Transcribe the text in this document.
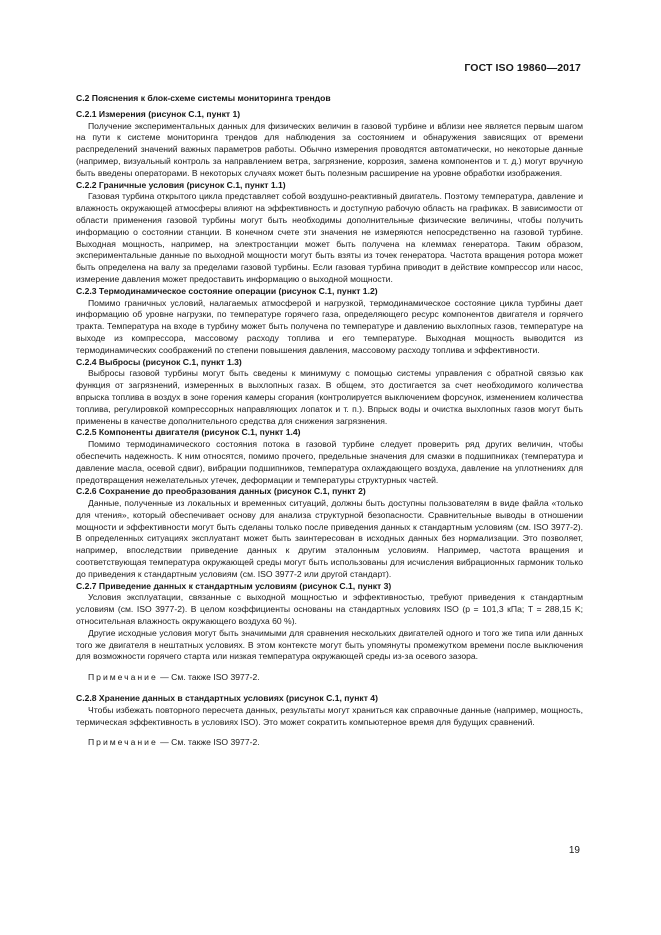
ГОСТ ISO 19860—2017
С.2 Пояснения к блок-схеме системы мониторинга трендов
С.2.1 Измерения (рисунок С.1, пункт 1)

Получение экспериментальных данных для физических величин в газовой турбине и вблизи нее является первым шагом на пути к системе мониторинга трендов для наблюдения за состоянием и обнаружения зависящих от времени распределений значений важных параметров работы. Обычно измерения проводятся автоматически, но некоторые данные (например, визуальный контроль за направлением ветра, загрязнение, коррозия, замена компонентов и т. д.) могут вручную быть введены операторами. В некоторых случаях может быть полезным расширение на уровне обработки изображения.

С.2.2 Граничные условия (рисунок С.1, пункт 1.1)

Газовая турбина открытого цикла представляет собой воздушно-реактивный двигатель. Поэтому температура, давление и влажность окружающей атмосферы влияют на эффективность и доступную рабочую область на графиках. В зависимости от области применения газовой турбины могут быть необходимы дополнительные физические величины, чтобы получить информацию о состоянии станции. В конечном счете эти значения не измеряются непосредственно на газовой турбине. Выходная мощность, например, на электростанции может быть получена на клеммах генератора. Таким образом, экспериментальные данные по выходной мощности могут быть взяты из точек генератора. Частота вращения ротора может быть определена на валу за пределами газовой турбины. Если газовая турбина приводит в действие компрессор или насос, измерение давления может предоставить информацию о выходной мощности.

С.2.3 Термодинамическое состояние операции (рисунок С.1, пункт 1.2)

Помимо граничных условий, налагаемых атмосферой и нагрузкой, термодинамическое состояние цикла турбины дает информацию об уровне нагрузки, по температуре горячего газа, определяющего ресурс компонентов двигателя и горячего тракта. Температура на входе в турбину может быть получена по температуре и давлению выхлопных газов, температуре на выходе из компрессора, массовому расходу топлива и его температуре. Выходная мощность выводится из термодинамических соображений по степени повышения давления, массовому расходу топлива и эффективности.

С.2.4 Выбросы (рисунок С.1, пункт 1.3)

Выбросы газовой турбины могут быть сведены к минимуму с помощью системы управления с обратной связью как функция от загрязнений, измеренных в выхлопных газах. В общем, это достигается за счет необходимого количества впрыска топлива в воздух в зоне горения камеры сгорания (контролируется выключением форсунок, изменением количества топлива, регулировкой компрессорных направляющих лопаток и т. п.). Впрыск воды и очистка выхлопных газов могут быть применены в качестве дополнительного средства для снижения загрязнения.

С.2.5 Компоненты двигателя (рисунок С.1, пункт 1.4)

Помимо термодинамического состояния потока в газовой турбине следует проверить ряд других величин, чтобы обеспечить надежность. К ним относятся, помимо прочего, предельные значения для смазки в подшипниках (температура и давление масла, осевой сдвиг), вибрации подшипников, температура охлаждающего воздуха, давление на уплотнениях для предотвращения нежелательных утечек, деформации и температуры структурных частей.

С.2.6 Сохранение до преобразования данных (рисунок С.1, пункт 2)

Данные, полученные из локальных и временных ситуаций, должны быть доступны пользователям в виде файла «только для чтения», который обеспечивает основу для анализа структурной безопасности. Сравнительные выводы в отношении мощности и эффективности могут быть сделаны только после приведения данных к стандартным условиям (см. ISO 3977-2). В определенных ситуациях эксплуатант может быть заинтересован в исходных данных без нормализации. Это позволяет, например, впоследствии приведение данных к другим эталонным условиям. Например, частота вращения и соответствующая температура окружающей среды могут быть использованы для исчисления вибрационных гармоник только до приведения к стандартным условиям (см. ISO 3977-2 или другой стандарт).

С.2.7 Приведение данных к стандартным условиям (рисунок С.1, пункт 3)

Условия эксплуатации, связанные с выходной мощностью и эффективностью, требуют приведения к стандартным условиям (см. ISO 3977-2). В целом коэффициенты основаны на стандартных условиях ISO (p = 101,3 кПа; T = 288,15 K; относительная влажность окружающего воздуха 60 %).

Другие исходные условия могут быть значимыми для сравнения нескольких двигателей одного и того же типа или данных того же двигателя в нештатных условиях. В этом контексте могут быть упомянуты промежутком времени после выключения для возможности горячего старта или низкая температура окружающей среды из-за осевого зазора.

Примечание — См. также ISO 3977-2.

С.2.8 Хранение данных в стандартных условиях (рисунок С.1, пункт 4)

Чтобы избежать повторного пересчета данных, результаты могут храниться как справочные данные (например, мощность, термическая эффективность в условиях ISO). Это может сократить компьютерное время для будущих сравнений.

Примечание — См. также ISO 3977-2.

19
